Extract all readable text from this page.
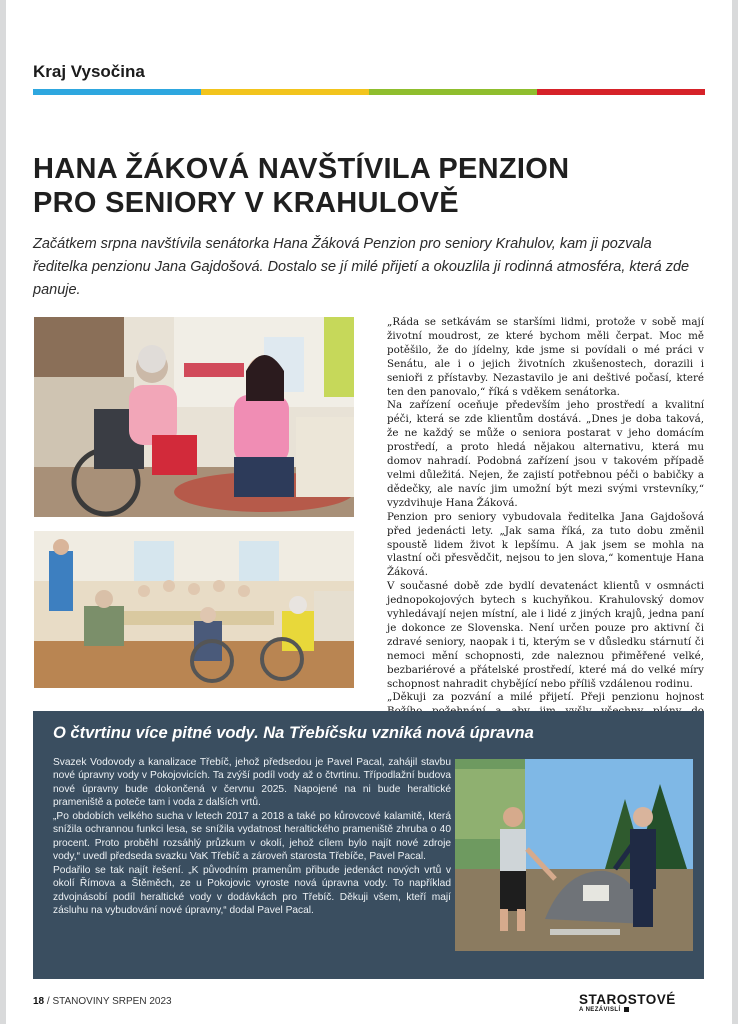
Kraj Vysočina
HANA ŽÁKOVÁ NAVŠTÍVILA PENZION
PRO SENIORY V KRAHULOVĚ

Začátkem srpna navštívila senátorka Hana Žáková Penzion pro seniory Krahulov, kam ji pozvala ředitelka penzionu Jana Gajdošová. Dostalo se jí milé přijetí a okouzlila ji rodinná atmosféra, která zde panuje.

„Ráda se setkávám se staršími lidmi, protože v sobě mají životní moudrost, ze které bychom měli čerpat. Moc mě potěšilo, že do jídelny, kde jsme si povídali o mé práci v Senátu, ale i o jejich životních zkušenostech, dorazili i senioři z přístavby. Nezastavilo je ani deštivé počasí, které ten den panovalo,“ říká s vděkem senátorka.

Na zařízení oceňuje především jeho prostředí a kvalitní péči, která se zde klientům dostává. „Dnes je doba taková, že ne každý se může o seniora postarat v jeho domácím prostředí, a proto hledá nějakou alternativu, která mu domov nahradí. Podobná zařízení jsou v takovém případě velmi důležitá. Nejen, že zajistí potřebnou péči o babičky a dědečky, ale navíc jim umožní být mezi svými vrstevníky,“ vyzdvihuje Hana Žáková.

Penzion pro seniory vybudovala ředitelka Jana Gajdošová před jedenácti lety. „Jak sama říká, za tuto dobu změnil spoustě lidem život k lepšímu. A jak jsem se mohla na vlastní oči přesvědčit, nejsou to jen slova,“ komentuje Hana Žáková.

V současné době zde bydlí devatenáct klientů v osmnácti jednopokojových bytech s kuchyňkou. Krahulovský domov vyhledávají nejen místní, ale i lidé z jiných krajů, jedna paní je dokonce ze Slovenska. Není určen pouze pro aktivní či zdravé seniory, naopak i ti, kterým se v důsledku stárnutí či nemoci mění schopnosti, zde naleznou přiměřené velké, bezbariérové a přátelské prostředí, které má do velké míry schopnost nahradit chybějící nebo příliš vzdálenou rodinu.

„Děkuji za pozvání a milé přijetí. Přeji penzionu hojnost

O čtvrtinu více pitné vody. Na Třebíčsku vzniká nová úpravna

Svazek Vodovody a kanalizace Třebíč, jehož předsedou je Pavel Pacal, zahájil stavbu nové úpravny vody v Pokojovicích. Ta zvýší podíl vody až o čtvrtinu. Třípodlažní budova nové úpravny bude dokončená v červnu 2025. Napojené na ni bude heraltické prameniště a poteče tam i voda z dalších vrtů.

„Po obdobích velkého sucha v letech 2017 a 2018 a také po kůrovcové kalamitě, která snížila ochrannou funkci lesa, se snížila vydatnost heraltického prameniště zhruba o 40 procent. Proto proběhl rozsáhlý průzkum v okolí, jehož cílem bylo najít nové zdroje vody,“ uvedl předseda svazku VaK Třebíč a zároveň starosta Třebíče, Pavel Pacal.

Podařilo se tak najít řešení. „K původním pramenům přibude jedenáct nových vrtů v okolí Římova a Štěměch, ze u Pokojovic vyroste nová úpravna vody. To například zdvojnásobí podíl heraltické vody v dodávkách pro Třebíč. Děkuji všem, kteří mají zásluhu na vybudování nové úpravny,“ dodal Pavel Pacal.

18 / STANOVINY SRPEN 2023	STAROSTOVÉ
A NEZÁVISLÍ
